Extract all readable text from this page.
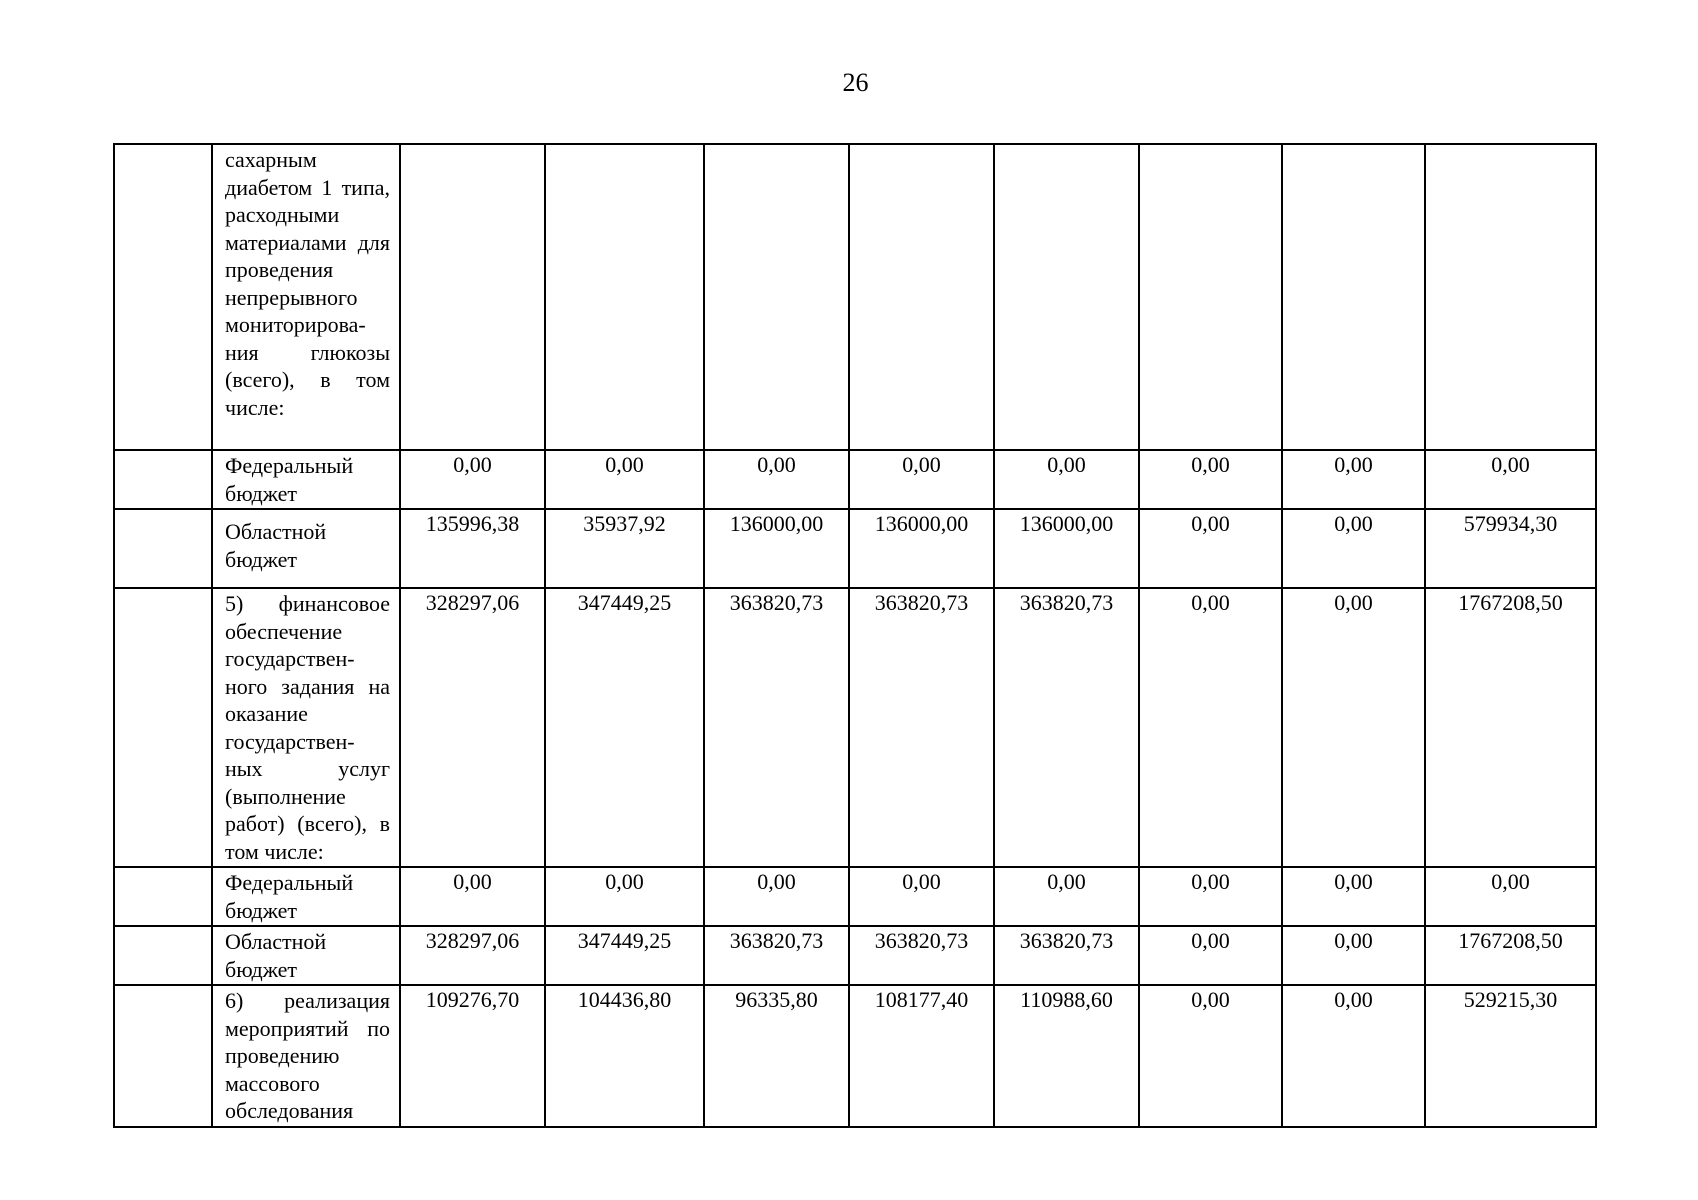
26
	сахарным диабетом 1 типа, расходными материалами для проведения непрерывного мониторирова-ния глюкозы (всего), в том числе:								
	Федеральный бюджет	0,00	0,00	0,00	0,00	0,00	0,00	0,00	0,00
	Областной бюджет	135996,38	35937,92	136000,00	136000,00	136000,00	0,00	0,00	579934,30
	5) финансовое обеспечение государствен-ного задания на оказание государствен-ных услуг (выполнение работ) (всего), в том числе:	328297,06	347449,25	363820,73	363820,73	363820,73	0,00	0,00	1767208,50
	Федеральный бюджет	0,00	0,00	0,00	0,00	0,00	0,00	0,00	0,00
	Областной бюджет	328297,06	347449,25	363820,73	363820,73	363820,73	0,00	0,00	1767208,50
	6) реализация мероприятий по проведению массового обследования	109276,70	104436,80	96335,80	108177,40	110988,60	0,00	0,00	529215,30
